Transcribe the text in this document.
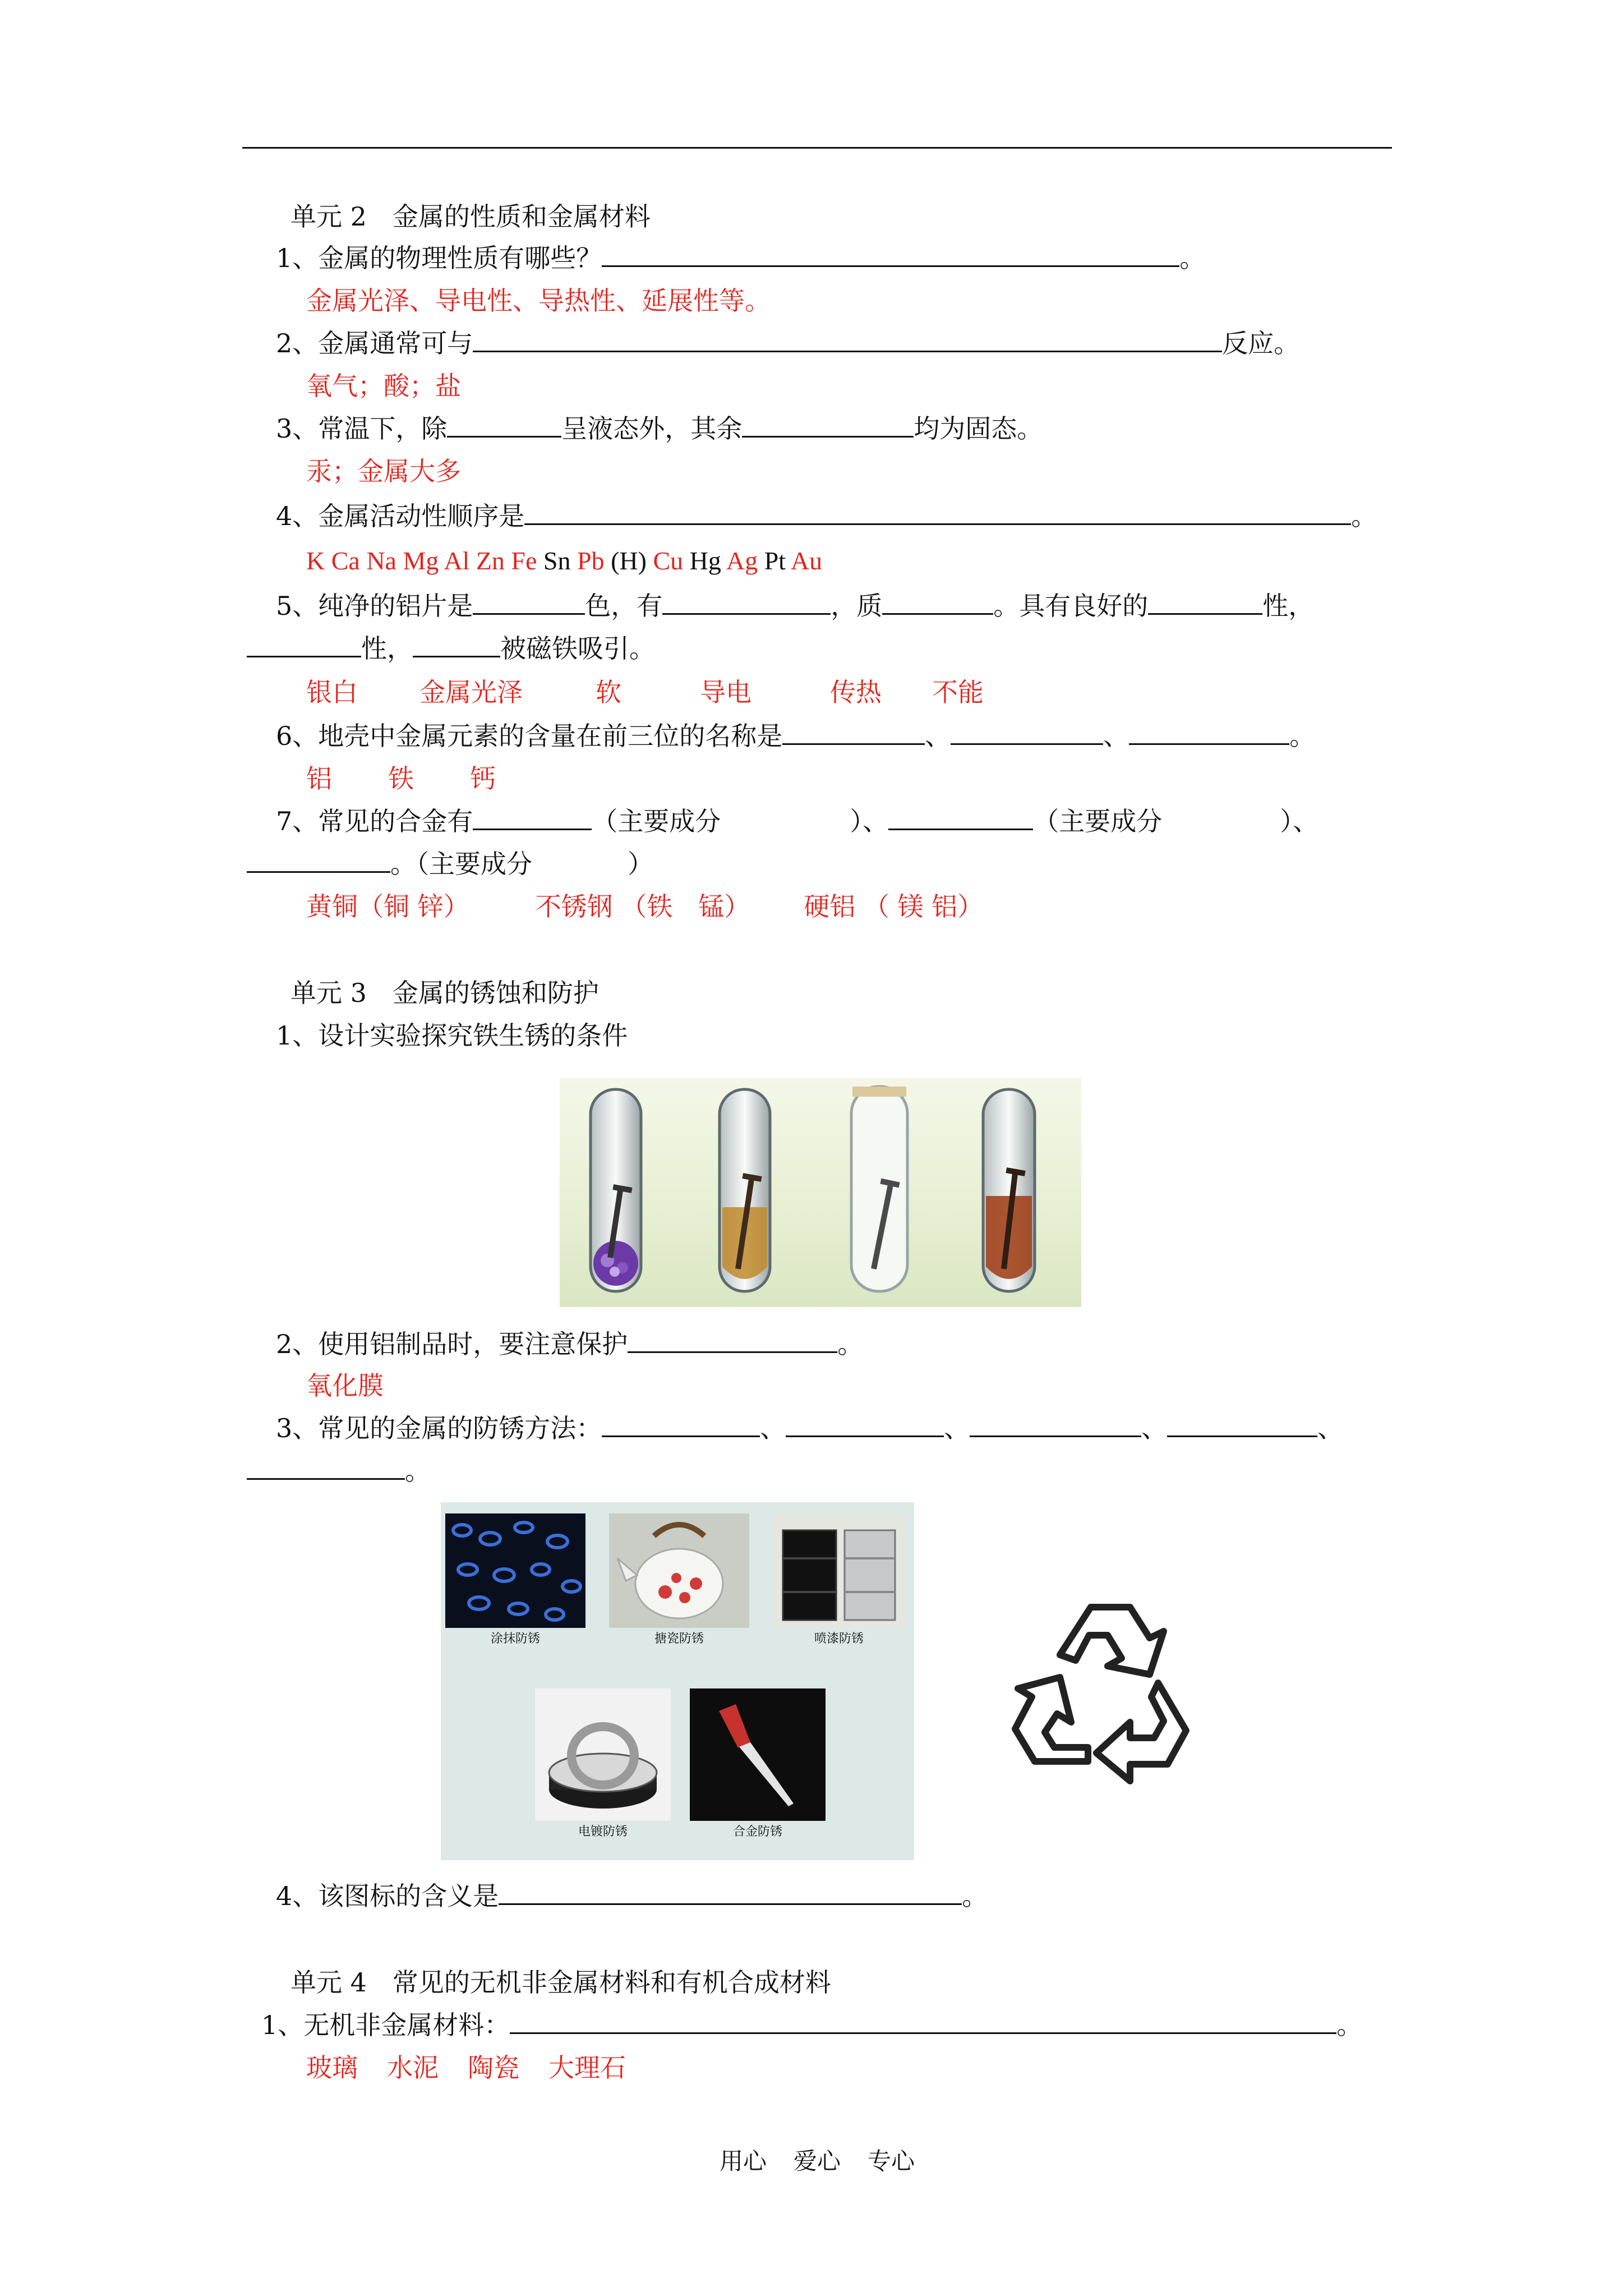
单元 2　金属的性质和金属材料
1、金属的物理性质有哪些？	。
金属光泽、导电性、导热性、延展性等。
2、金属通常可与	反应。
氧气；酸；盐
3、常温下，除	呈液态外，其余	均为固态。
汞；金属大多
4、金属活动性顺序是	。
K Ca Na Mg Al Zn Fe Sn Pb (H) Cu Hg Ag Pt Au
5、纯净的铝片是	色，有	，质	。具有良好的	性，
性，	被磁铁吸引。
银白 金属光泽	软	导电	传热 不能
6、地壳中金属元素的含量在前三位的名称是	、	、	。
铝 铁 钙
7、常见的合金有	（主要成分	）、	（主要成分	）、
。（主要成分	）
黄铜（铜 锌）	不锈钢 （铁　锰） 硬铝 （ 镁 铝）
单元 3　金属的锈蚀和防护
1、设计实验探究铁生锈的条件
2、使用铝制品时，要注意保护	。
氧化膜
3、常见的金属的防锈方法：	、	、	、	、
。
涂抹防锈	搪瓷防锈	喷漆防锈
电镀防锈	合金防锈
4、该图标的含义是	。
单元 4　常见的无机非金属材料和有机合成材料
1、无机非金属材料：	。
玻璃 水泥 陶瓷 大理石
用心 爱心 专心
